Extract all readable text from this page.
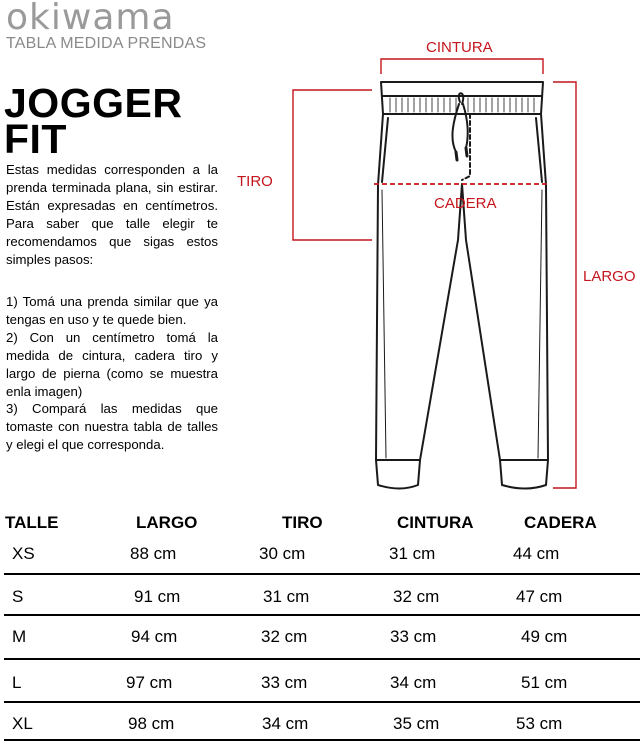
okiwama
TABLA MEDIDA PRENDAS
JOGGER
FIT

Estas medidas corresponden a la prenda terminada plana, sin estirar. Están expresadas en centímetros. Para saber que talle elegir te recomendamos que sigas estos simples pasos:

1) Tomá una prenda similar que ya tengas en uso y te quede bien.

2) Con un centímetro tomá la medida de cintura, cadera tiro y largo de pierna (como se muestra enla imagen)

3) Compará las medidas que tomaste con nuestra tabla de talles y elegi el que corresponda.

CINTURA
TIRO
CADERA
LARGO
TALLE	LARGO	TIRO	CINTURA	CADERA
XS	88 cm	30 cm	31 cm	44 cm
S	91 cm	31 cm	32 cm	47 cm
M	94 cm	32 cm	33 cm	49 cm
L	97 cm	33 cm	34 cm	51 cm
XL	98 cm	34 cm	35 cm	53 cm
